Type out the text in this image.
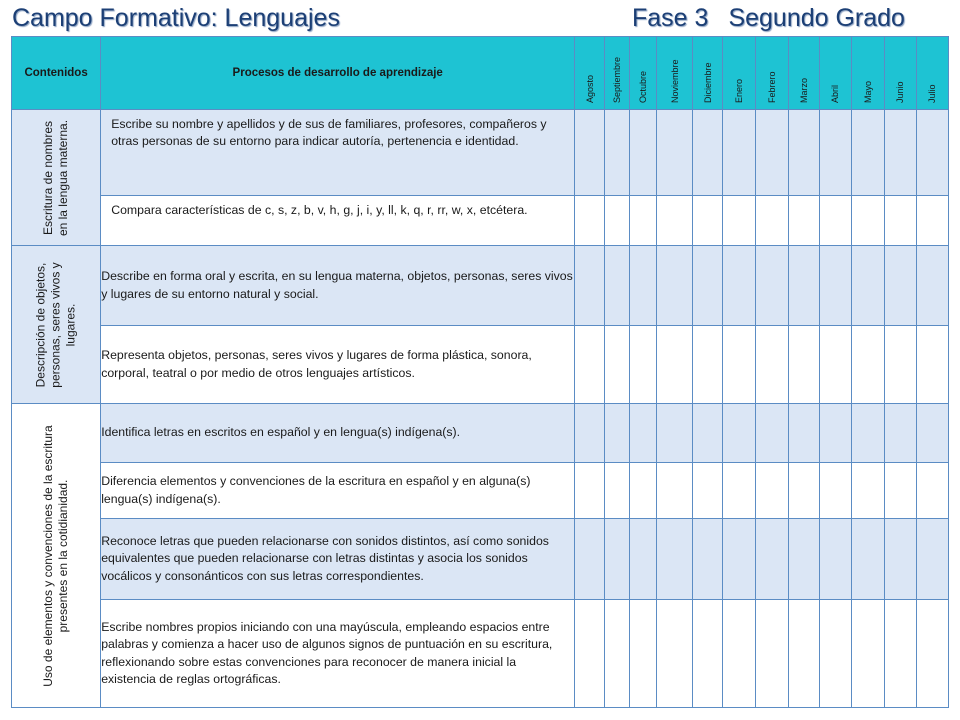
Campo Formativo: Lenguajes	Fase 3 Segundo Grado
Contenidos	Procesos de desarrollo de aprendizaje	Agosto	Septiembre	Octubre	Noviembre	Diciembre	Enero	Febrero	Marzo	Abril	Mayo	Junio	Julio

Escritura de nombres en la lengua materna.	Escribe su nombre y apellidos y de sus de familiares, profesores, compañeros y otras personas de su entorno para indicar autoría, pertenencia e identidad.												
	Compara características de c, s, z, b, v, h, g, j, i, y, ll, k, q, r, rr, w, x, etcétera.												

Descripción de objetos, personas, seres vivos y lugares.	Describe en forma oral y escrita, en su lengua materna, objetos, personas, seres vivos y lugares de su entorno natural y social.												
	Representa objetos, personas, seres vivos y lugares de forma plástica, sonora, corporal, teatral o por medio de otros lenguajes artísticos.												

Uso de elementos y convenciones de la escritura presentes en la cotidianidad.	Identifica letras en escritos en español y en lengua(s) indígena(s).												
	Diferencia elementos y convenciones de la escritura en español y en alguna(s) lengua(s) indígena(s).												
	Reconoce letras que pueden relacionarse con sonidos distintos, así como sonidos equivalentes que pueden relacionarse con letras distintas y asocia los sonidos vocálicos y consonánticos con sus letras correspondientes.												
	Escribe nombres propios iniciando con una mayúscula, empleando espacios entre palabras y comienza a hacer uso de algunos signos de puntuación en su escritura, reflexionando sobre estas convenciones para reconocer de manera inicial la existencia de reglas ortográficas.												
